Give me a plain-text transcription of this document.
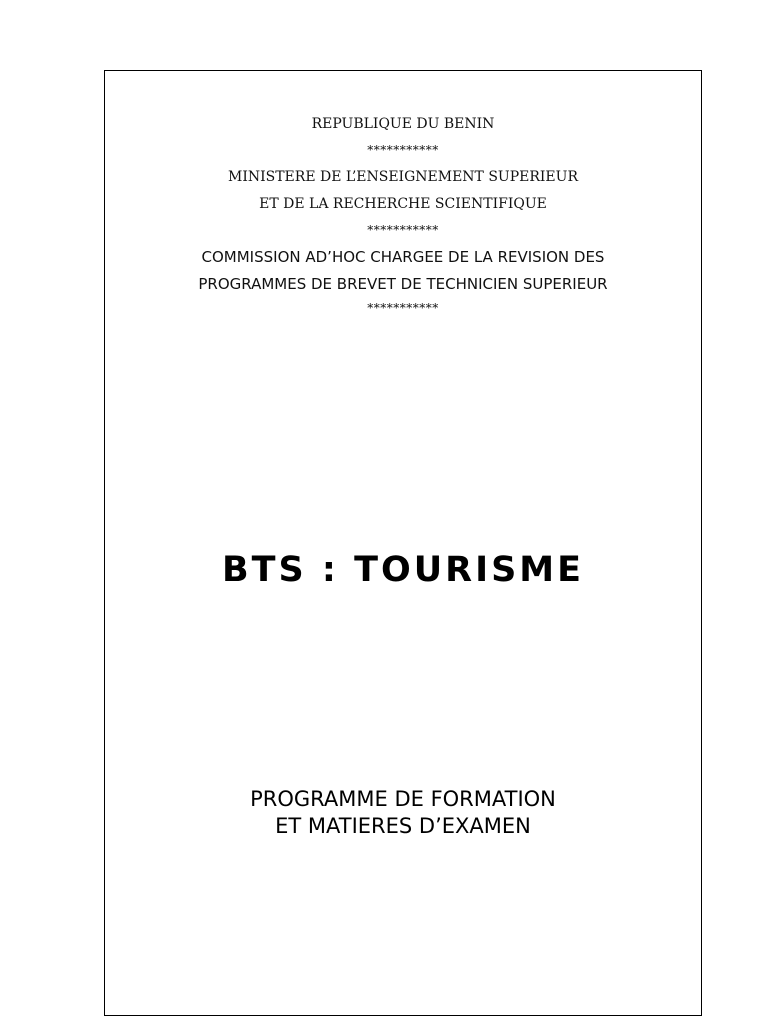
REPUBLIQUE DU BENIN
***********
MINISTERE DE L’ENSEIGNEMENT SUPERIEUR
ET DE LA RECHERCHE SCIENTIFIQUE
***********
COMMISSION AD’HOC CHARGEE DE LA REVISION DES
PROGRAMMES DE BREVET DE TECHNICIEN SUPERIEUR
***********
BTS : TOURISME
PROGRAMME DE FORMATION
ET MATIERES D’EXAMEN
